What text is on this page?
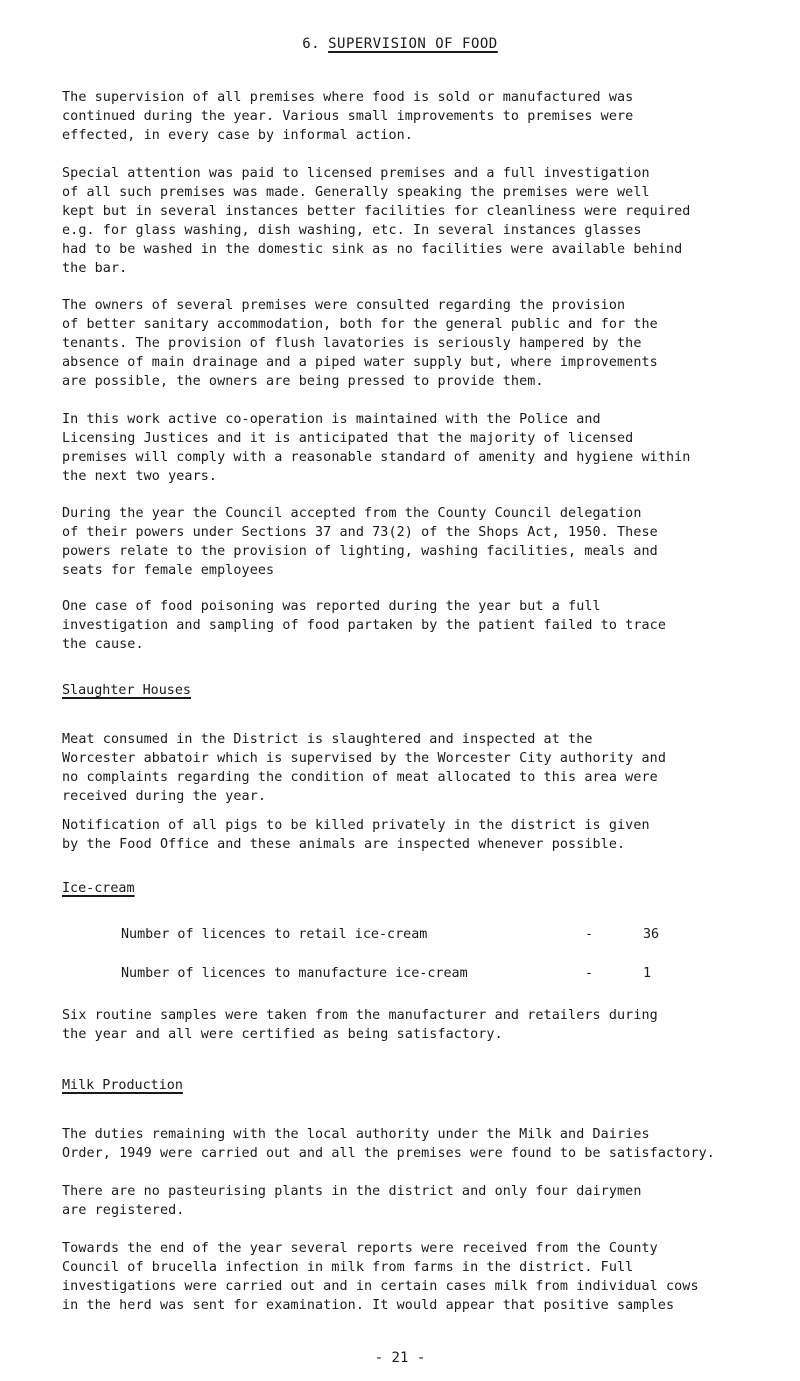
6. SUPERVISION OF FOOD
The supervision of all premises where food is sold or manufactured was
continued during the year. Various small improvements to premises were
effected, in every case by informal action.
Special attention was paid to licensed premises and a full investigation
of all such premises was made. Generally speaking the premises were well
kept but in several instances better facilities for cleanliness were required
e.g. for glass washing, dish washing, etc. In several instances glasses
had to be washed in the domestic sink as no facilities were available behind
the bar.
The owners of several premises were consulted regarding the provision
of better sanitary accommodation, both for the general public and for the
tenants. The provision of flush lavatories is seriously hampered by the
absence of main drainage and a piped water supply but, where improvements
are possible, the owners are being pressed to provide them.
In this work active co-operation is maintained with the Police and
Licensing Justices and it is anticipated that the majority of licensed
premises will comply with a reasonable standard of amenity and hygiene within
the next two years.
During the year the Council accepted from the County Council delegation
of their powers under Sections 37 and 73(2) of the Shops Act, 1950. These
powers relate to the provision of lighting, washing facilities, meals and
seats for female employees
One case of food poisoning was reported during the year but a full
investigation and sampling of food partaken by the patient failed to trace
the cause.
Slaughter Houses
Meat consumed in the District is slaughtered and inspected at the
Worcester abbatoir which is supervised by the Worcester City authority and
no complaints regarding the condition of meat allocated to this area were
received during the year.
Notification of all pigs to be killed privately in the district is given
by the Food Office and these animals are inspected whenever possible.
Ice-cream
Number of licences to retail ice-cream	-	36
Number of licences to manufacture ice-cream	-	1
Six routine samples were taken from the manufacturer and retailers during
the year and all were certified as being satisfactory.
Milk Production
The duties remaining with the local authority under the Milk and Dairies
Order, 1949 were carried out and all the premises were found to be satisfactory.
There are no pasteurising plants in the district and only four dairymen
are registered.
Towards the end of the year several reports were received from the County
Council of brucella infection in milk from farms in the district. Full
investigations were carried out and in certain cases milk from individual cows
in the herd was sent for examination. It would appear that positive samples
- 21 -
